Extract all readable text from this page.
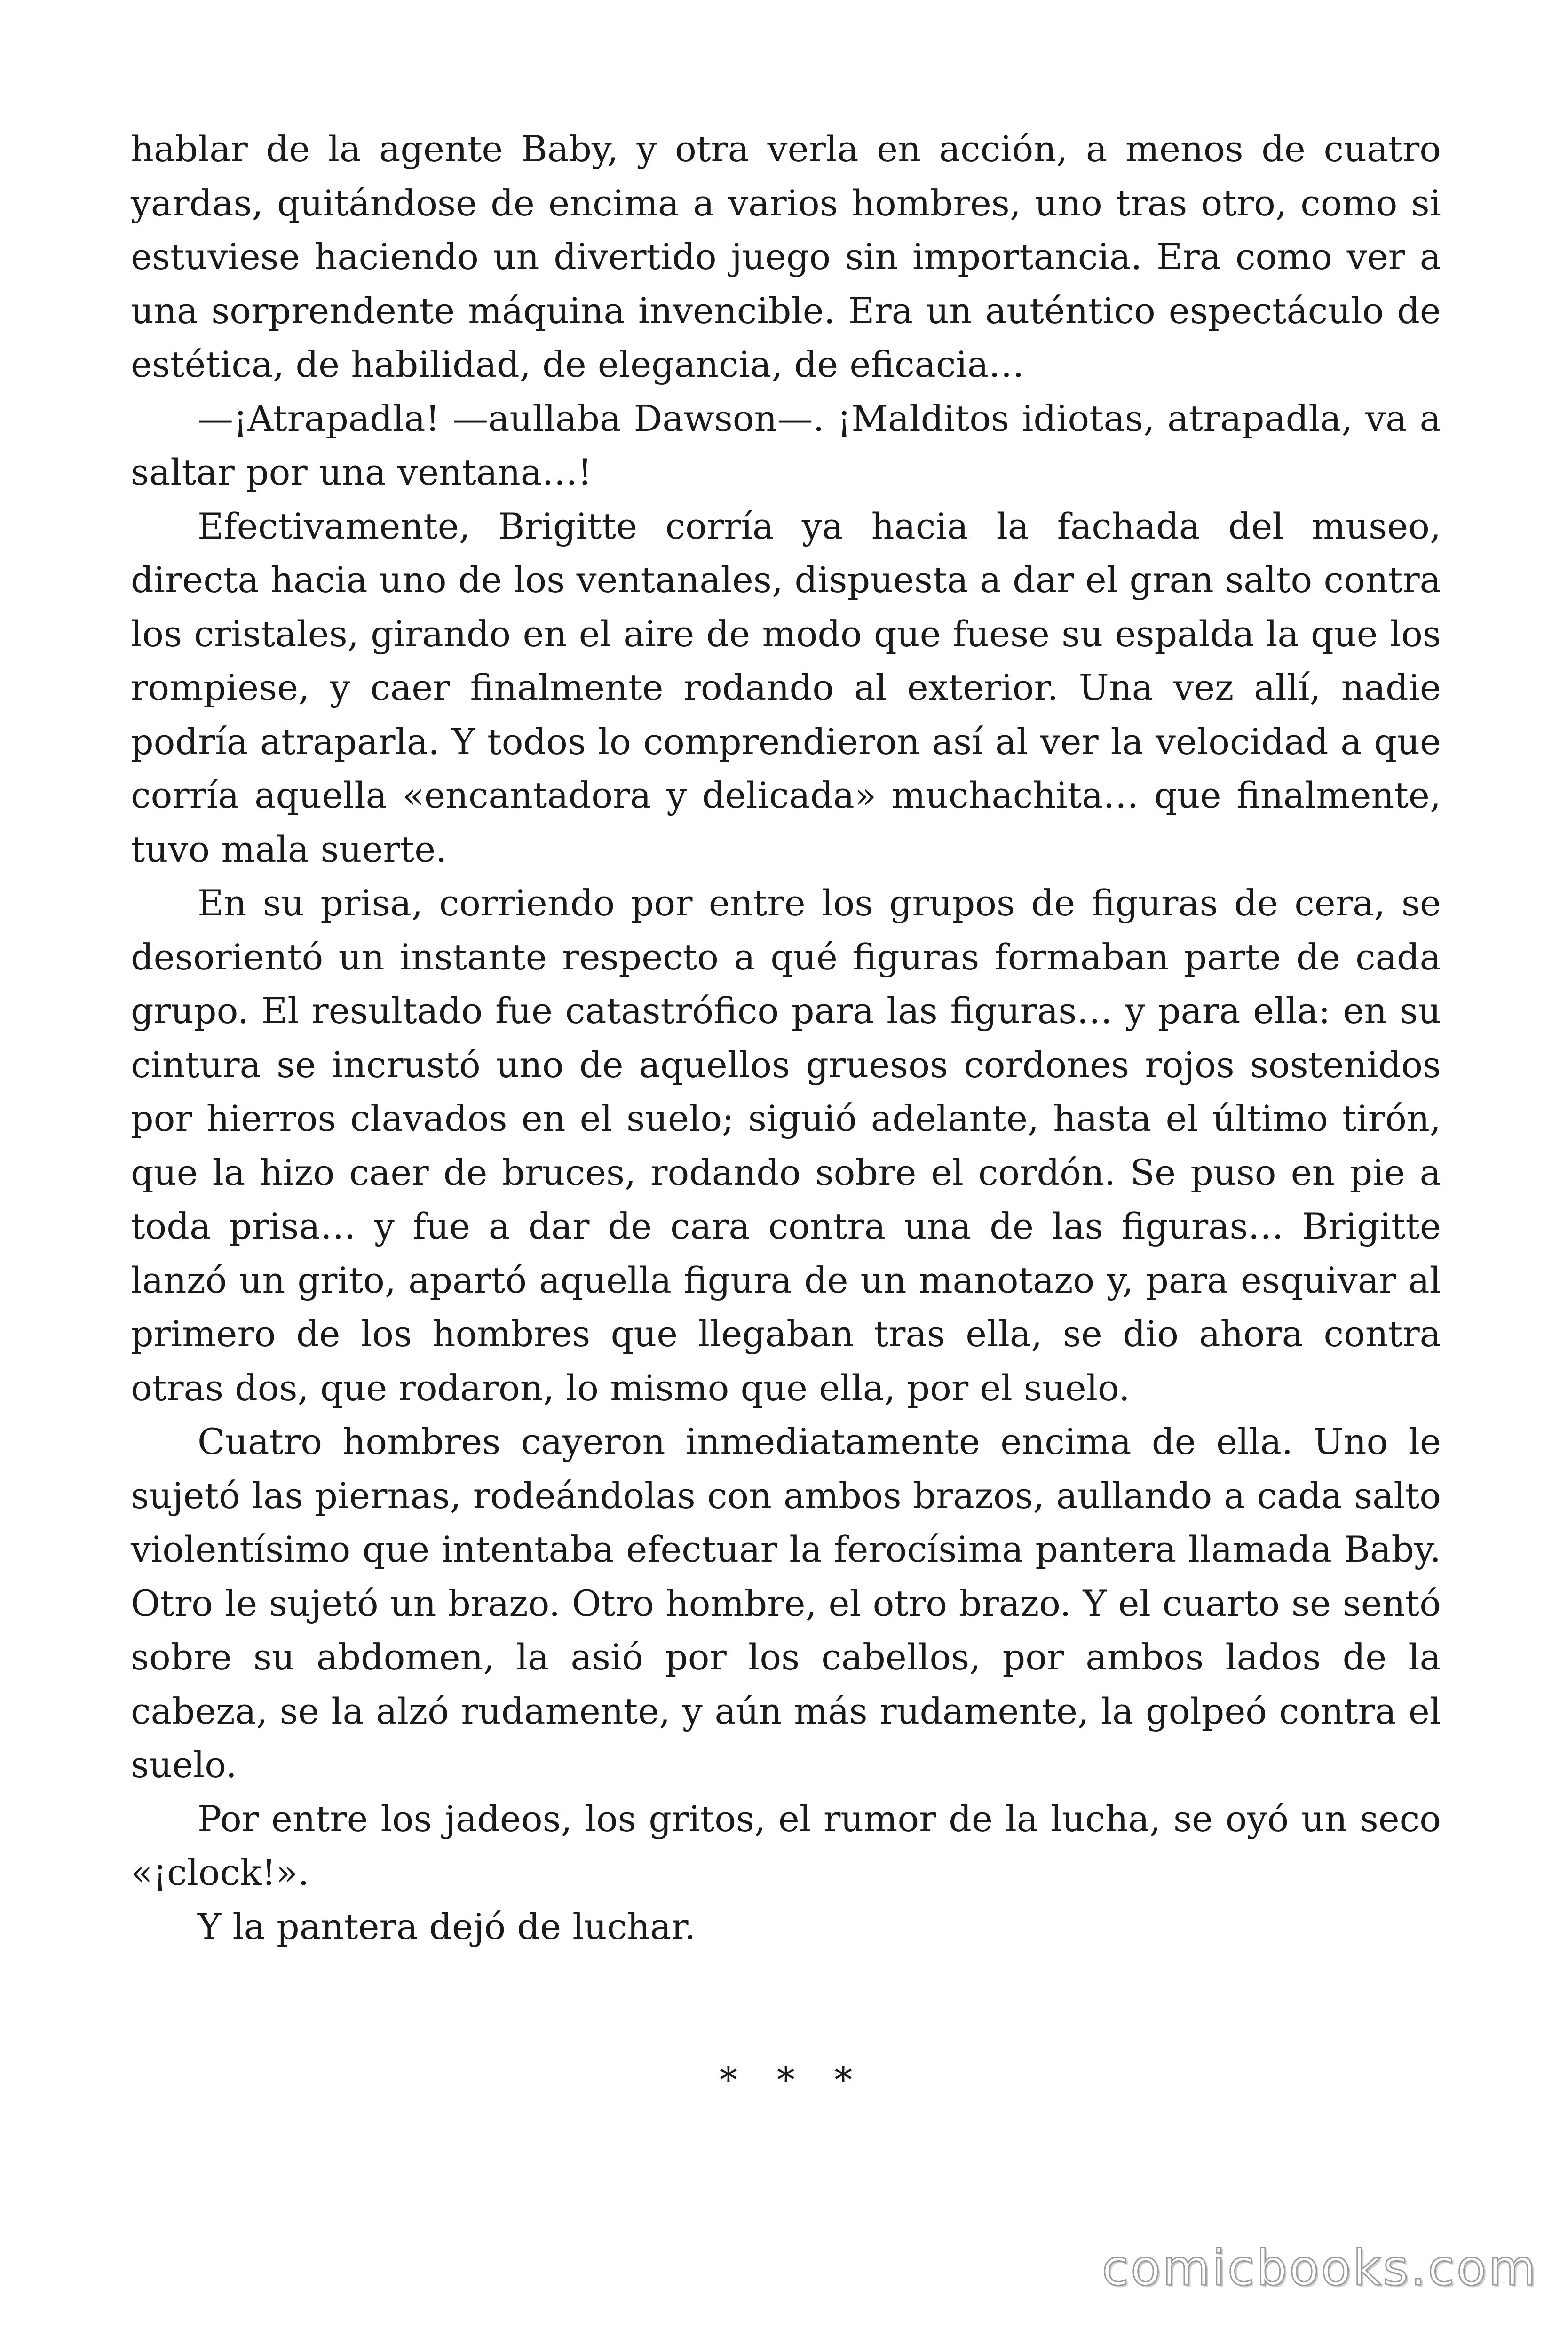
hablar de la agente Baby, y otra verla en acción, a menos de cuatro yardas, quitándose de encima a varios hombres, uno tras otro, como si estuviese haciendo un divertido juego sin importancia. Era como ver a una sorprendente máquina invencible. Era un auténtico espectáculo de estética, de habilidad, de elegancia, de eficacia…

—¡Atrapadla! —aullaba Dawson—. ¡Malditos idiotas, atrapadla, va a saltar por una ventana…!

Efectivamente, Brigitte corría ya hacia la fachada del museo, directa hacia uno de los ventanales, dispuesta a dar el gran salto contra los cristales, girando en el aire de modo que fuese su espalda la que los rompiese, y caer finalmente rodando al exterior. Una vez allí, nadie podría atraparla. Y todos lo comprendieron así al ver la velocidad a que corría aquella «encantadora y delicada» muchachita… que finalmente, tuvo mala suerte.

En su prisa, corriendo por entre los grupos de figuras de cera, se desorientó un instante respecto a qué figuras formaban parte de cada grupo. El resultado fue catastrófico para las figuras… y para ella: en su cintura se incrustó uno de aquellos gruesos cordones rojos sostenidos por hierros clavados en el suelo; siguió adelante, hasta el último tirón, que la hizo caer de bruces, rodando sobre el cordón. Se puso en pie a toda prisa… y fue a dar de cara contra una de las figuras… Brigitte lanzó un grito, apartó aquella figura de un manotazo y, para esquivar al primero de los hombres que llegaban tras ella, se dio ahora contra otras dos, que rodaron, lo mismo que ella, por el suelo.

Cuatro hombres cayeron inmediatamente encima de ella. Uno le sujetó las piernas, rodeándolas con ambos brazos, aullando a cada salto violentísimo que intentaba efectuar la ferocísima pantera llamada Baby. Otro le sujetó un brazo. Otro hombre, el otro brazo. Y el cuarto se sentó sobre su abdomen, la asió por los cabellos, por ambos lados de la cabeza, se la alzó rudamente, y aún más rudamente, la golpeó contra el suelo.

Por entre los jadeos, los gritos, el rumor de la lucha, se oyó un seco «¡clock!».

Y la pantera dejó de luchar.

* * *

comicbooks.com
